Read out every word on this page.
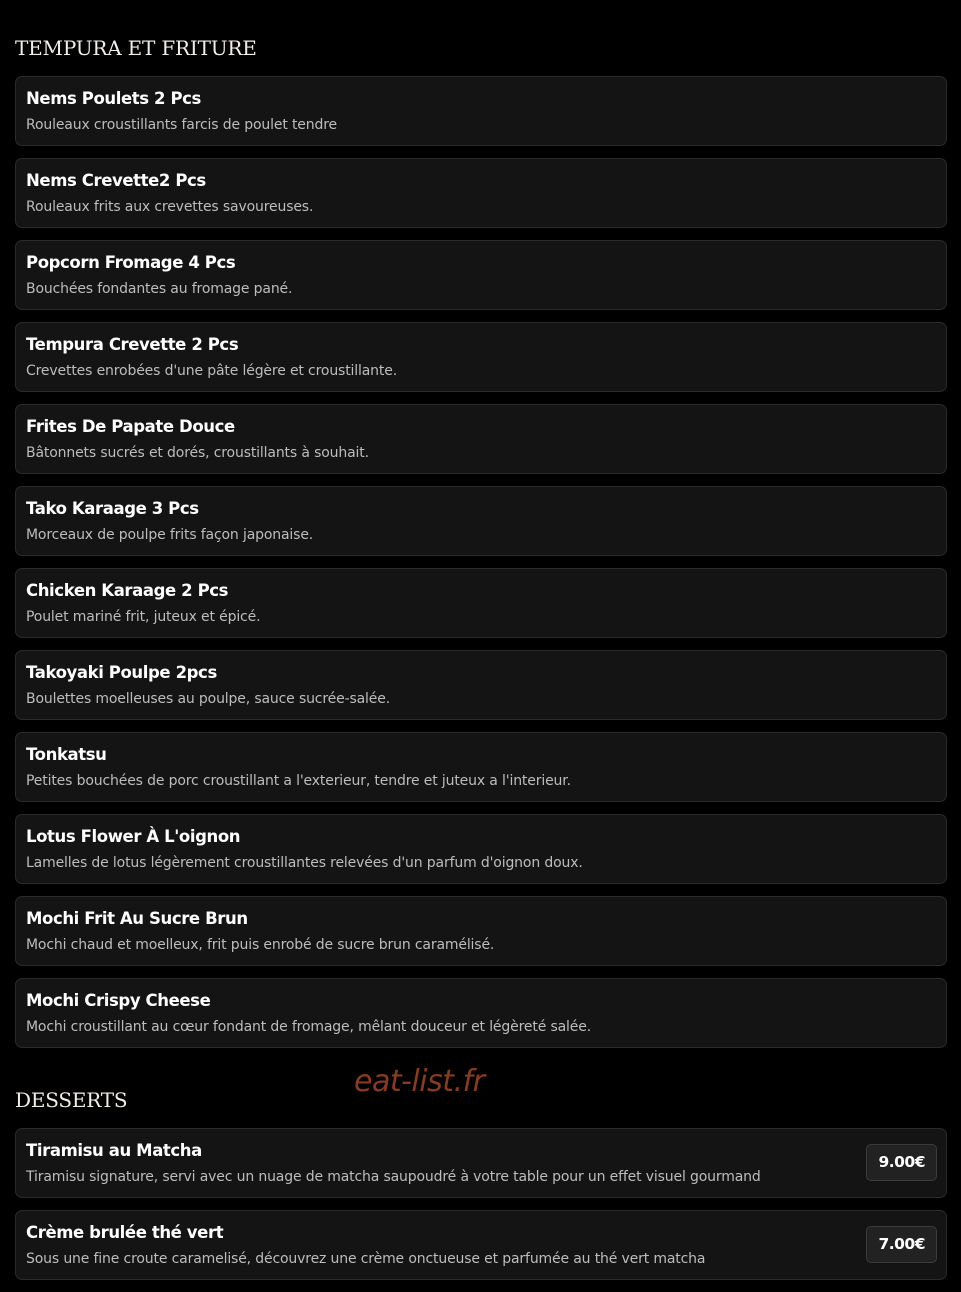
TEMPURA ET FRITURE
Nems Poulets 2 Pcs
Rouleaux croustillants farcis de poulet tendre
Nems Crevette2 Pcs
Rouleaux frits aux crevettes savoureuses.
Popcorn Fromage 4 Pcs
Bouchées fondantes au fromage pané.
Tempura Crevette 2 Pcs
Crevettes enrobées d'une pâte légère et croustillante.
Frites De Papate Douce
Bâtonnets sucrés et dorés, croustillants à souhait.
Tako Karaage 3 Pcs
Morceaux de poulpe frits façon japonaise.
Chicken Karaage 2 Pcs
Poulet mariné frit, juteux et épicé.
Takoyaki Poulpe 2pcs
Boulettes moelleuses au poulpe, sauce sucrée-salée.
Tonkatsu
Petites bouchées de porc croustillant a l'exterieur, tendre et juteux a l'interieur.
Lotus Flower À L'oignon
Lamelles de lotus légèrement croustillantes relevées d'un parfum d'oignon doux.
Mochi Frit Au Sucre Brun
Mochi chaud et moelleux, frit puis enrobé de sucre brun caramélisé.
Mochi Crispy Cheese
Mochi croustillant au cœur fondant de fromage, mêlant douceur et légèreté salée.
DESSERTS
eat-list.fr
Tiramisu au Matcha
Tiramisu signature, servi avec un nuage de matcha saupoudré à votre table pour un effet visuel gourmand
9.00€
Crème brulée thé vert
Sous une fine croute caramelisé, découvrez une crème onctueuse et parfumée au thé vert matcha
7.00€
